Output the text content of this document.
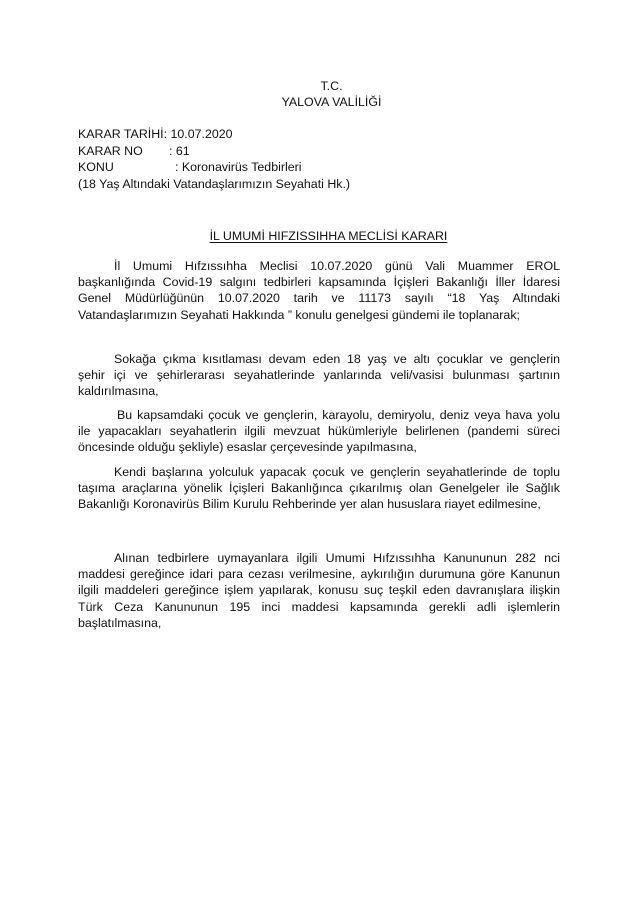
T.C.
YALOVA VALİLİĞİ
KARAR TARİHİ: 10.07.2020
KARAR NO : 61
KONU	: Koronavirüs Tedbirleri
(18 Yaş Altındaki Vatandaşlarımızın Seyahati Hk.)
İL UMUMİ HIFZISSIHHA MECLİSİ KARARI
İl Umumi Hıfzıssıhha Meclisi 10.07.2020 günü Vali Muammer EROL
başkanlığında Covid-19 salgını tedbirleri kapsamında İçişleri Bakanlığı İller İdaresi
Genel Müdürlüğünün 10.07.2020 tarih ve 11173 sayılı “18 Yaş Altındaki
Vatandaşlarımızın Seyahati Hakkında ” konulu genelgesi gündemi ile toplanarak;
Sokağa çıkma kısıtlaması devam eden 18 yaş ve altı çocuklar ve gençlerin
şehir içi ve şehirlerarası seyahatlerinde yanlarında veli/vasisi bulunması şartının
kaldırılmasına,
Bu kapsamdaki çocuk ve gençlerin, karayolu, demiryolu, deniz veya hava yolu
ile yapacakları seyahatlerin ilgili mevzuat hükümleriyle belirlenen (pandemi süreci
öncesinde olduğu şekliyle) esaslar çerçevesinde yapılmasına,
Kendi başlarına yolculuk yapacak çocuk ve gençlerin seyahatlerinde de toplu
taşıma araçlarına yönelik İçişleri Bakanlığınca çıkarılmış olan Genelgeler ile Sağlık
Bakanlığı Koronavirüs Bilim Kurulu Rehberinde yer alan hususlara riayet edilmesine,
Alınan tedbirlere uymayanlara ilgili Umumi Hıfzıssıhha Kanununun 282 nci
maddesi gereğince idari para cezası verilmesine, aykırılığın durumuna göre Kanunun
ilgili maddeleri gereğince işlem yapılarak, konusu suç teşkil eden davranışlara ilişkin
Türk Ceza Kanununun 195 inci maddesi kapsamında gerekli adli işlemlerin
başlatılmasına,
